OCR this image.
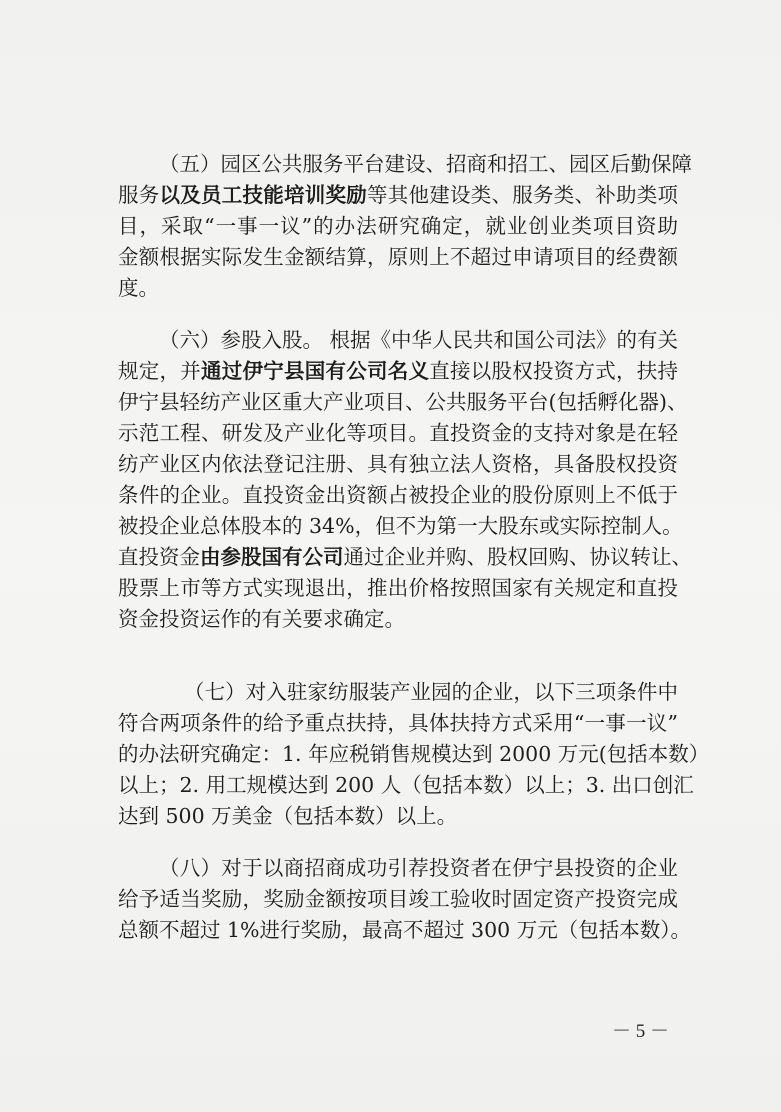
（五）园区公共服务平台建设、招商和招工、园区后勤保障
服务以及员工技能培训奖励等其他建设类、服务类、补助类项
目，采取“一事一议”的办法研究确定，就业创业类项目资助
金额根据实际发生金额结算，原则上不超过申请项目的经费额
度。
（六）参股入股。 根据《中华人民共和国公司法》的有关
规定，并通过伊宁县国有公司名义直接以股权投资方式，扶持
伊宁县轻纺产业区重大产业项目、公共服务平台(包括孵化器)、
示范工程、研发及产业化等项目。直投资金的支持对象是在轻
纺产业区内依法登记注册、具有独立法人资格，具备股权投资
条件的企业。直投资金出资额占被投企业的股份原则上不低于
被投企业总体股本的 34%，但不为第一大股东或实际控制人。
直投资金由参股国有公司通过企业并购、股权回购、协议转让、
股票上市等方式实现退出，推出价格按照国家有关规定和直投
资金投资运作的有关要求确定。
（七）对入驻家纺服装产业园的企业，以下三项条件中
符合两项条件的给予重点扶持，具体扶持方式采用“一事一议”
的办法研究确定：1. 年应税销售规模达到 2000 万元(包括本数）
以上；2. 用工规模达到 200 人（包括本数）以上；3. 出口创汇
达到 500 万美金（包括本数）以上。
（八）对于以商招商成功引荐投资者在伊宁县投资的企业
给予适当奖励，奖励金额按项目竣工验收时固定资产投资完成
总额不超过 1%进行奖励，最高不超过 300 万元（包括本数）。
－ 5 －
